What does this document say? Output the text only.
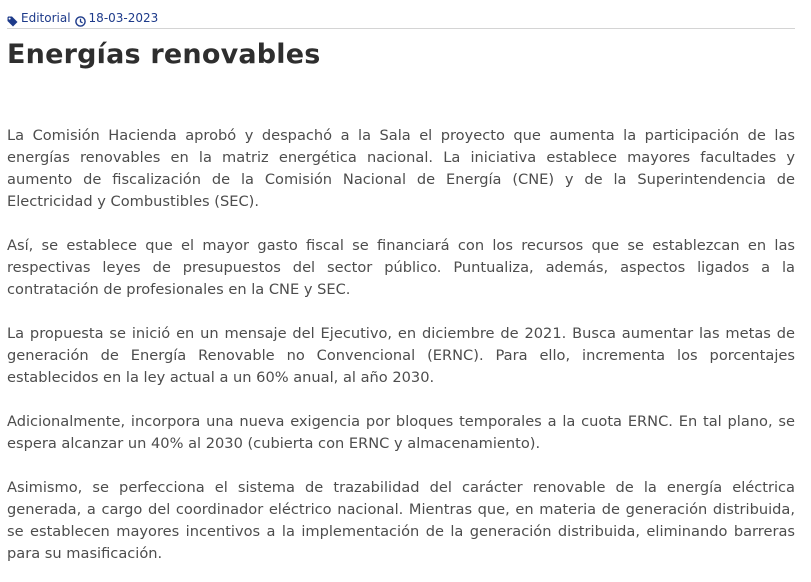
Editorial 18-03-2023
Energías renovables

La Comisión Hacienda aprobó y despachó a la Sala el proyecto que aumenta la participación de las energías renovables en la matriz energética nacional. La iniciativa establece mayores facultades y aumento de fiscalización de la Comisión Nacional de Energía (CNE) y de la Superintendencia de Electricidad y Combustibles (SEC).

Así, se establece que el mayor gasto fiscal se financiará con los recursos que se establezcan en las respectivas leyes de presupuestos del sector público. Puntualiza, además, aspectos ligados a la contratación de profesionales en la CNE y SEC.

La propuesta se inició en un mensaje del Ejecutivo, en diciembre de 2021. Busca aumentar las metas de generación de Energía Renovable no Convencional (ERNC). Para ello, incrementa los porcentajes establecidos en la ley actual a un 60% anual, al año 2030.

Adicionalmente, incorpora una nueva exigencia por bloques temporales a la cuota ERNC. En tal plano, se espera alcanzar un 40% al 2030 (cubierta con ERNC y almacenamiento).

Asimismo, se perfecciona el sistema de trazabilidad del carácter renovable de la energía eléctrica generada, a cargo del coordinador eléctrico nacional. Mientras que, en materia de generación distribuida, se establecen mayores incentivos a la implementación de la generación distribuida, eliminando barreras para su masificación.
